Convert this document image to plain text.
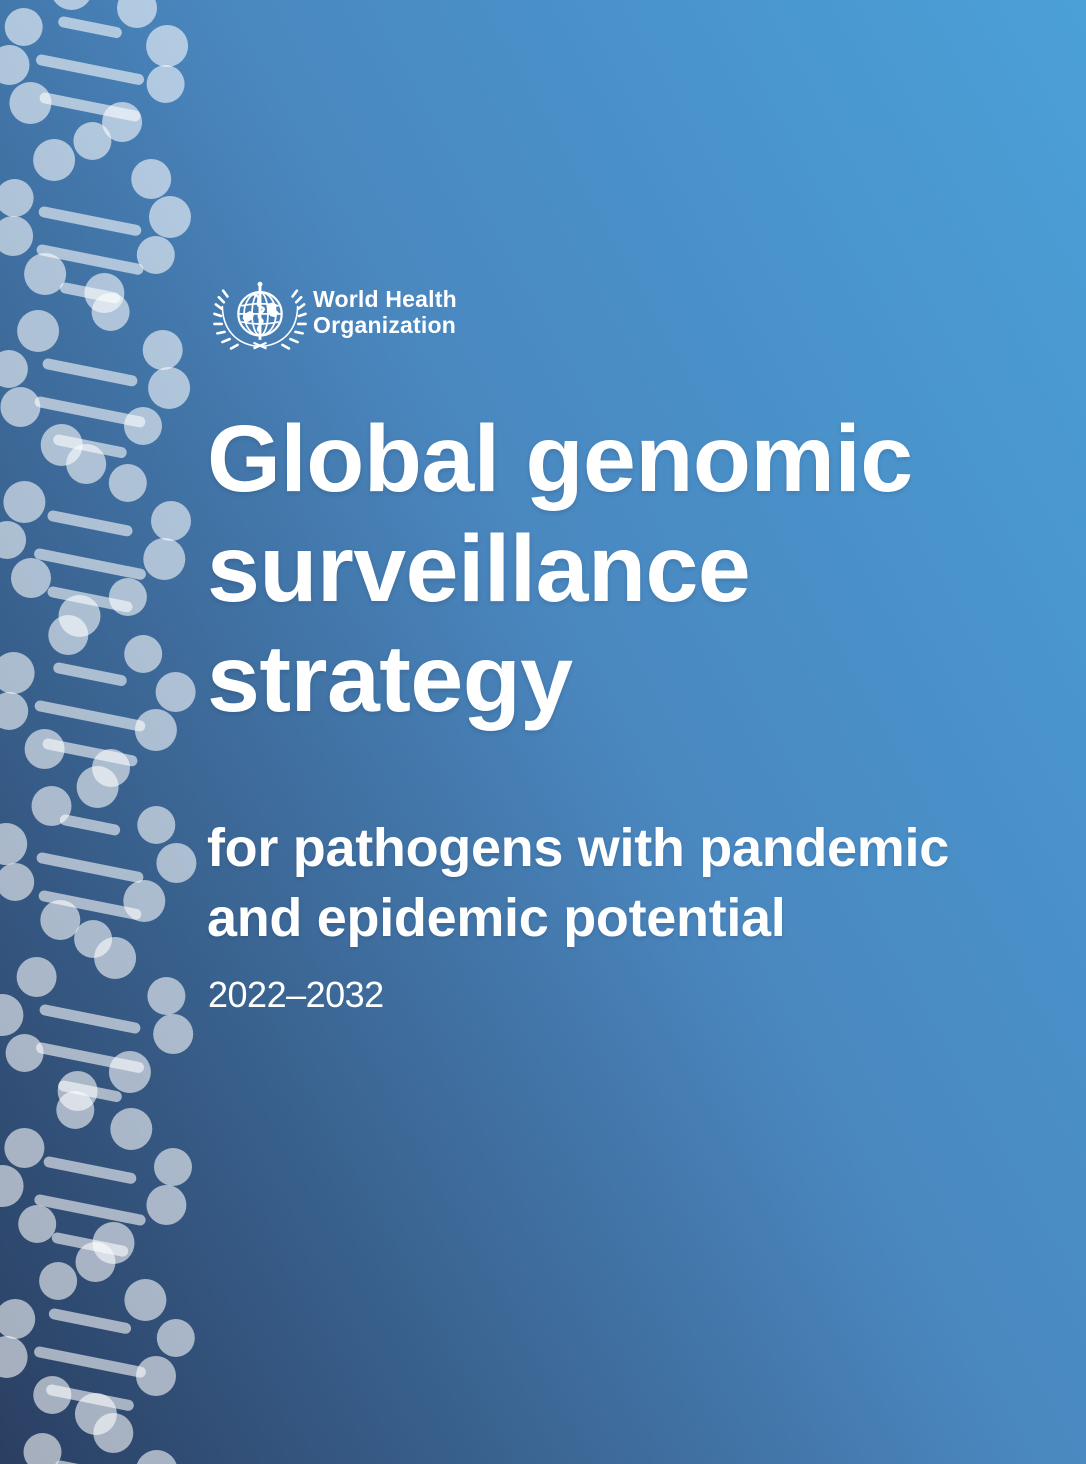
World Health
Organization
Global genomic
surveillance
strategy
for pathogens with pandemic
and epidemic potential
2022–2032
